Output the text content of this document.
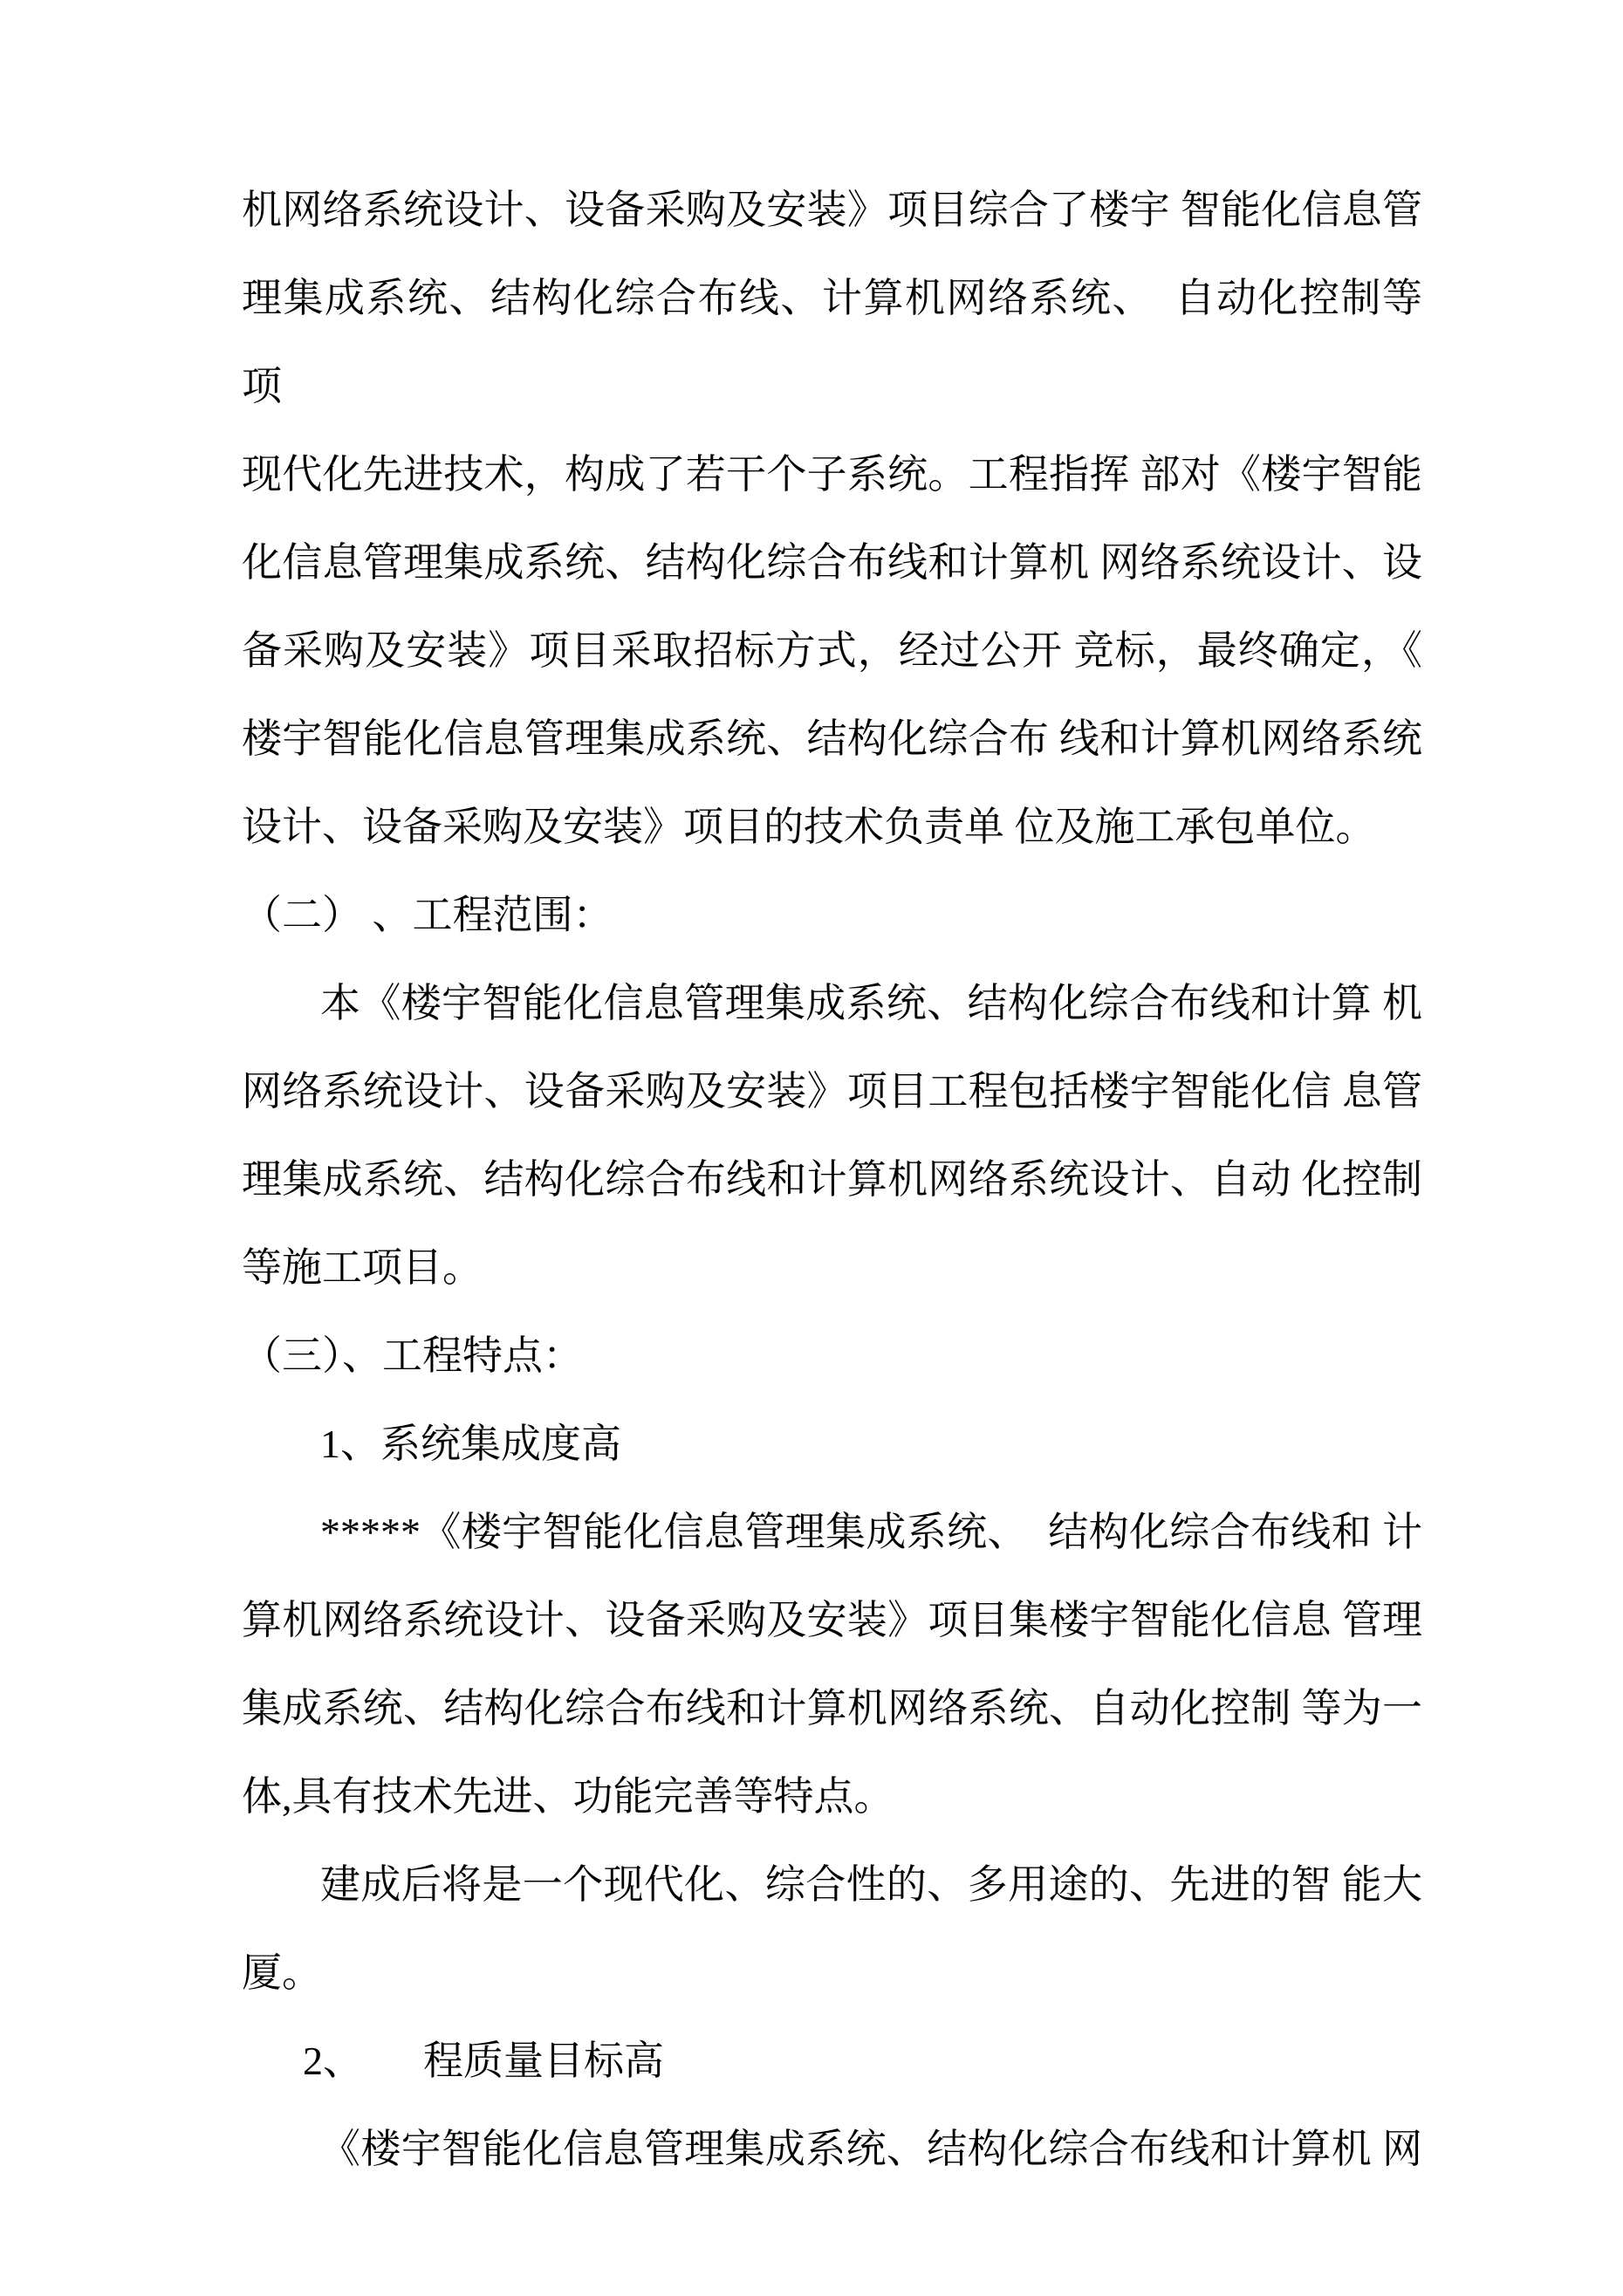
机网络系统设计、设备采购及安装》项目综合了楼宇 智能化信息管
理集成系统、结构化综合布线、计算机网络系统、　自动化控制等项
现代化先进技术，构成了若干个子系统。工程指挥 部对《楼宇智能
化信息管理集成系统、结构化综合布线和计算机 网络系统设计、设
备采购及安装》项目采取招标方式，经过公开 竞标，最终确定，《
楼宇智能化信息管理集成系统、结构化综合布 线和计算机网络系统
设计、设备采购及安装》项目的技术负责单 位及施工承包单位。
（二） 、工程范围：
本《楼宇智能化信息管理集成系统、结构化综合布线和计算 机
网络系统设计、设备采购及安装》项目工程包括楼宇智能化信 息管
理集成系统、结构化综合布线和计算机网络系统设计、自动 化控制
等施工项目。
（三）、工程特点：
1、系统集成度高
*****《楼宇智能化信息管理集成系统、　结构化综合布线和 计
算机网络系统设计、设备采购及安装》项目集楼宇智能化信息 管理
集成系统、结构化综合布线和计算机网络系统、自动化控制 等为一
体,具有技术先进、功能完善等特点。
建成后将是一个现代化、综合性的、多用途的、先进的智 能大
厦。
2、　　程质量目标高
《楼宇智能化信息管理集成系统、结构化综合布线和计算机 网
